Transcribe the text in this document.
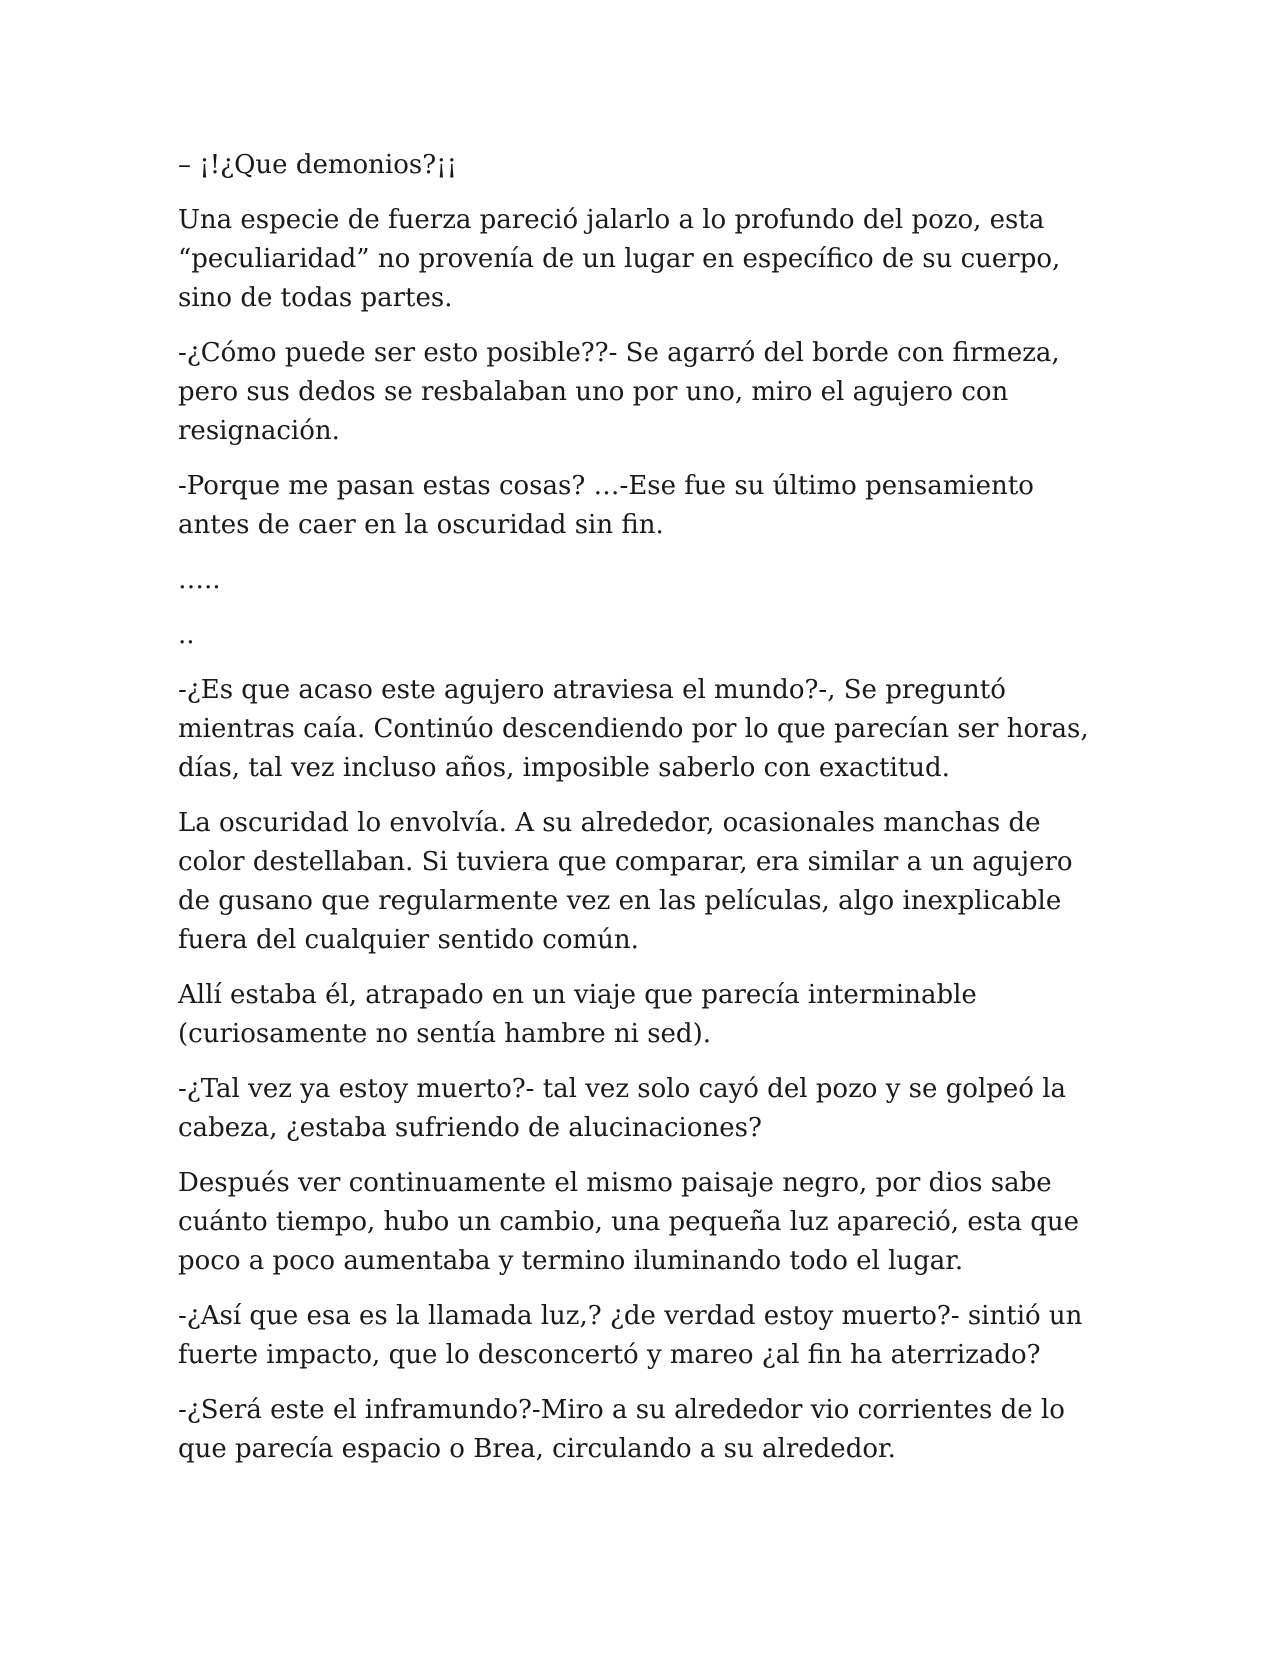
– ¡!¿Que demonios?¡¡

Una especie de fuerza pareció jalarlo a lo profundo del pozo, esta
“peculiaridad” no provenía de un lugar en específico de su cuerpo,
sino de todas partes.

-¿Cómo puede ser esto posible??- Se agarró del borde con firmeza,
pero sus dedos se resbalaban uno por uno, miro el agujero con
resignación.

-Porque me pasan estas cosas? …-Ese fue su último pensamiento
antes de caer en la oscuridad sin fin.

…..

..

-¿Es que acaso este agujero atraviesa el mundo?-, Se preguntó
mientras caía. Continúo descendiendo por lo que parecían ser horas,
días, tal vez incluso años, imposible saberlo con exactitud.

La oscuridad lo envolvía. A su alrededor, ocasionales manchas de
color destellaban. Si tuviera que comparar, era similar a un agujero
de gusano que regularmente vez en las películas, algo inexplicable
fuera del cualquier sentido común.

Allí estaba él, atrapado en un viaje que parecía interminable
(curiosamente no sentía hambre ni sed).

-¿Tal vez ya estoy muerto?- tal vez solo cayó del pozo y se golpeó la
cabeza, ¿estaba sufriendo de alucinaciones?

Después ver continuamente el mismo paisaje negro, por dios sabe
cuánto tiempo, hubo un cambio, una pequeña luz apareció, esta que
poco a poco aumentaba y termino iluminando todo el lugar.

-¿Así que esa es la llamada luz,? ¿de verdad estoy muerto?- sintió un
fuerte impacto, que lo desconcertó y mareo ¿al fin ha aterrizado?

-¿Será este el inframundo?-Miro a su alrededor vio corrientes de lo
que parecía espacio o Brea, circulando a su alrededor.
